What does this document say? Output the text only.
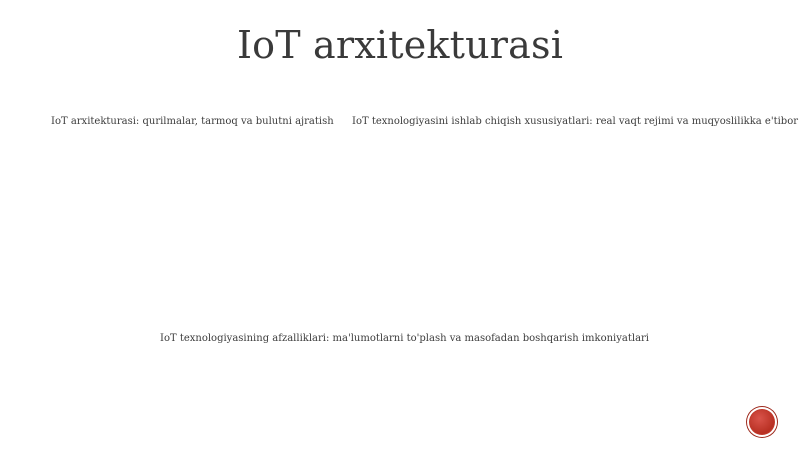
IoT arxitekturasi
IoT arxitekturasi: qurilmalar, tarmoq va bulutni ajratish IoT texnologiyasini ishlab chiqish xususiyatlari: real vaqt rejimi va muqyoslilikka e'tibor
IoT texnologiyasining afzalliklari: ma'lumotlarni to'plash va masofadan boshqarish imkoniyatlari
